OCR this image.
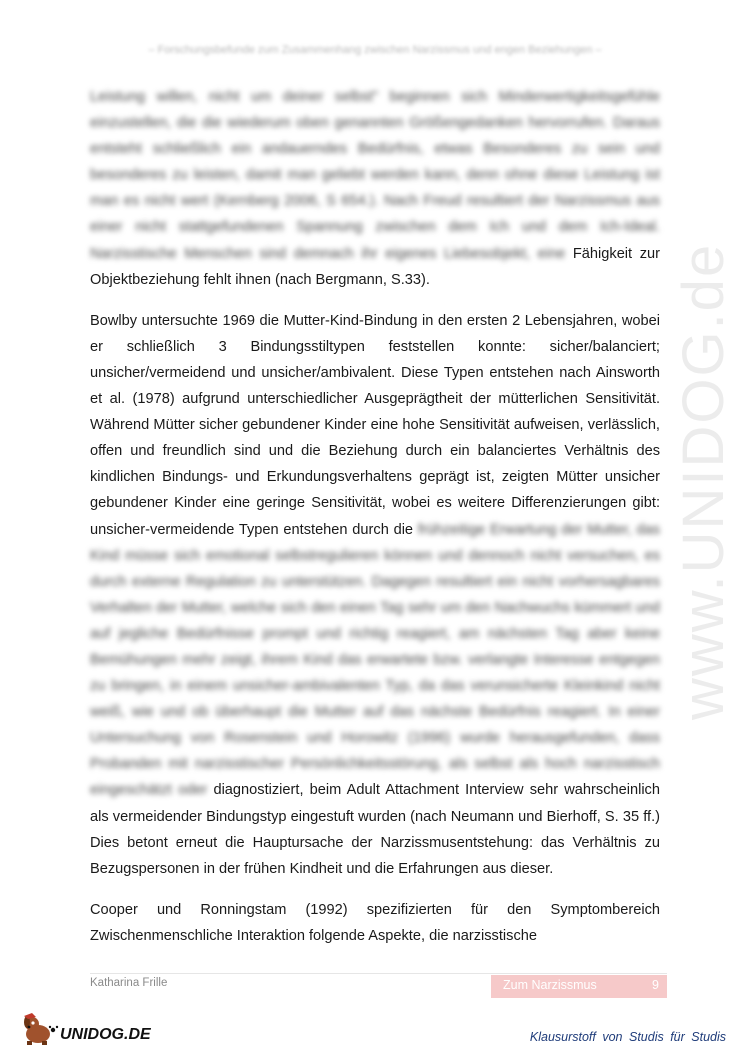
– Forschungsbefunde zum Zusammenhang zwischen Narzissmus und engen Beziehungen –
www.UNIDOG.de

Leistung willen, nicht um deiner selbst" beginnen sich Minderwertigkeitsgefühle einzustellen, die die wiederum oben genannten Größengedanken hervorrufen. Daraus entsteht schließlich ein andauerndes Bedürfnis, etwas Besonderes zu sein und besonderes zu leisten, damit man geliebt werden kann, denn ohne diese Leistung ist man es nicht wert (Kernberg 2006, S 654.). Nach Freud resultiert der Narzissmus aus einer nicht stattgefundenen Spannung zwischen dem Ich und dem Ich-Ideal. Narzisstische Menschen sind demnach ihr eigenes Liebesobjekt, eine Fähigkeit zur Objektbeziehung fehlt ihnen (nach Bergmann, S.33).

Bowlby untersuchte 1969 die Mutter-Kind-Bindung in den ersten 2 Lebensjahren, wobei er schließlich 3 Bindungsstiltypen feststellen konnte: sicher/balanciert; unsicher/vermeidend und unsicher/ambivalent. Diese Typen entstehen nach Ainsworth et al. (1978) aufgrund unterschiedlicher Ausgeprägtheit der mütterlichen Sensitivität. Während Mütter sicher gebundener Kinder eine hohe Sensitivität aufweisen, verlässlich, offen und freundlich sind und die Beziehung durch ein balanciertes Verhältnis des kindlichen Bindungs- und Erkundungsverhaltens geprägt ist, zeigten Mütter unsicher gebundener Kinder eine geringe Sensitivität, wobei es weitere Differenzierungen gibt: unsicher-vermeidende Typen entstehen durch die frühzeitige Erwartung der Mutter, das Kind müsse sich emotional selbstregulieren können und dennoch nicht versuchen, es durch externe Regulation zu unterstützen. Dagegen resultiert ein nicht vorhersagbares Verhalten der Mutter, welche sich den einen Tag sehr um den Nachwuchs kümmert und auf jegliche Bedürfnisse prompt und richtig reagiert, am nächsten Tag aber keine Bemühungen mehr zeigt, ihrem Kind das erwartete bzw. verlangte Interesse entgegen zu bringen, in einem unsicher-ambivalenten Typ, da das verunsicherte Kleinkind nicht weiß, wie und ob überhaupt die Mutter auf das nächste Bedürfnis reagiert. In einer Untersuchung von Rosenstein und Horowitz (1996) wurde herausgefunden, dass Probanden mit narzisstischer Persönlichkeitsstörung, als selbst als hoch narzisstisch eingeschätzt oder diagnostiziert, beim Adult Attachment Interview sehr wahrscheinlich als vermeidender Bindungstyp eingestuft wurden (nach Neumann und Bierhoff, S. 35 ff.) Dies betont erneut die Hauptursache der Narzissmusentstehung: das Verhältnis zu Bezugspersonen in der frühen Kindheit und die Erfahrungen aus dieser.

Cooper und Ronningstam (1992) spezifizierten für den Symptombereich Zwischenmenschliche Interaktion folgende Aspekte, die narzisstische

Katharina Frille	Zum Narzissmus	9
UNIDOG.DE	Klausurstoff von Studis für Studis
